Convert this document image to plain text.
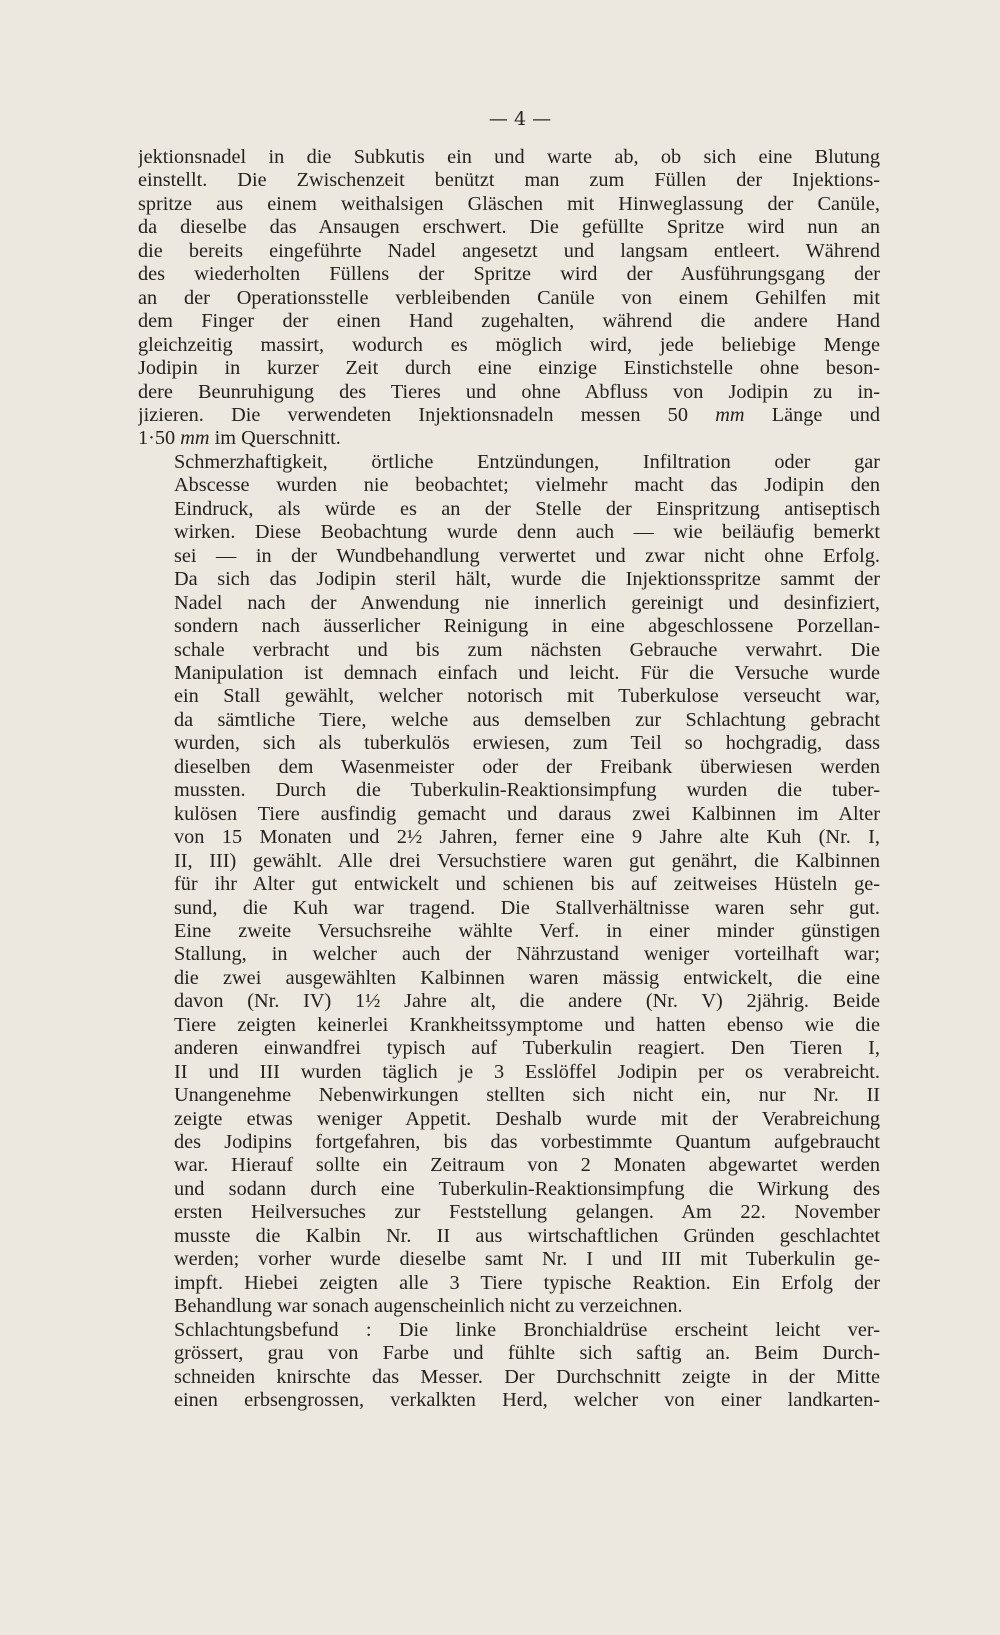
— 4 —

jektionsnadel in die Subkutis ein und warte ab, ob sich eine Blutung
einstellt. Die Zwischenzeit benützt man zum Füllen der Injektions-
spritze aus einem weithalsigen Gläschen mit Hinweglassung der Canüle,
da dieselbe das Ansaugen erschwert. Die gefüllte Spritze wird nun an
die bereits eingeführte Nadel angesetzt und langsam entleert. Während
des wiederholten Füllens der Spritze wird der Ausführungsgang der
an der Operationsstelle verbleibenden Canüle von einem Gehilfen mit
dem Finger der einen Hand zugehalten, während die andere Hand
gleichzeitig massirt, wodurch es möglich wird, jede beliebige Menge
Jodipin in kurzer Zeit durch eine einzige Einstichstelle ohne beson-
dere Beunruhigung des Tieres und ohne Abfluss von Jodipin zu in-
jizieren. Die verwendeten Injektionsnadeln messen 50 mm Länge und
1·50 mm im Querschnitt.

Schmerzhaftigkeit, örtliche Entzündungen, Infiltration oder gar
Abscesse wurden nie beobachtet; vielmehr macht das Jodipin den
Eindruck, als würde es an der Stelle der Einspritzung antiseptisch
wirken. Diese Beobachtung wurde denn auch — wie beiläufig bemerkt
sei — in der Wundbehandlung verwertet und zwar nicht ohne Erfolg.
Da sich das Jodipin steril hält, wurde die Injektionsspritze sammt der
Nadel nach der Anwendung nie innerlich gereinigt und desinfiziert,
sondern nach äusserlicher Reinigung in eine abgeschlossene Porzellan-
schale verbracht und bis zum nächsten Gebrauche verwahrt. Die
Manipulation ist demnach einfach und leicht. Für die Versuche wurde
ein Stall gewählt, welcher notorisch mit Tuberkulose verseucht war,
da sämtliche Tiere, welche aus demselben zur Schlachtung gebracht
wurden, sich als tuberkulös erwiesen, zum Teil so hochgradig, dass
dieselben dem Wasenmeister oder der Freibank überwiesen werden
mussten. Durch die Tuberkulin-Reaktionsimpfung wurden die tuber-
kulösen Tiere ausfindig gemacht und daraus zwei Kalbinnen im Alter
von 15 Monaten und 2½ Jahren, ferner eine 9 Jahre alte Kuh (Nr. I,
II, III) gewählt. Alle drei Versuchstiere waren gut genährt, die Kalbinnen
für ihr Alter gut entwickelt und schienen bis auf zeitweises Hüsteln ge-
sund, die Kuh war tragend. Die Stallverhältnisse waren sehr gut.
Eine zweite Versuchsreihe wählte Verf. in einer minder günstigen
Stallung, in welcher auch der Nährzustand weniger vorteilhaft war;
die zwei ausgewählten Kalbinnen waren mässig entwickelt, die eine
davon (Nr. IV) 1½ Jahre alt, die andere (Nr. V) 2jährig. Beide
Tiere zeigten keinerlei Krankheitssymptome und hatten ebenso wie die
anderen einwandfrei typisch auf Tuberkulin reagiert. Den Tieren I,
II und III wurden täglich je 3 Esslöffel Jodipin per os verabreicht.
Unangenehme Nebenwirkungen stellten sich nicht ein, nur Nr. II
zeigte etwas weniger Appetit. Deshalb wurde mit der Verabreichung
des Jodipins fortgefahren, bis das vorbestimmte Quantum aufgebraucht
war. Hierauf sollte ein Zeitraum von 2 Monaten abgewartet werden
und sodann durch eine Tuberkulin-Reaktionsimpfung die Wirkung des
ersten Heilversuches zur Feststellung gelangen. Am 22. November
musste die Kalbin Nr. II aus wirtschaftlichen Gründen geschlachtet
werden; vorher wurde dieselbe samt Nr. I und III mit Tuberkulin ge-
impft. Hiebei zeigten alle 3 Tiere typische Reaktion. Ein Erfolg der
Behandlung war sonach augenscheinlich nicht zu verzeichnen.

Schlachtungsbefund : Die linke Bronchialdrüse erscheint leicht ver-
grössert, grau von Farbe und fühlte sich saftig an. Beim Durch-
schneiden knirschte das Messer. Der Durchschnitt zeigte in der Mitte
einen erbsengrossen, verkalkten Herd, welcher von einer landkarten-
